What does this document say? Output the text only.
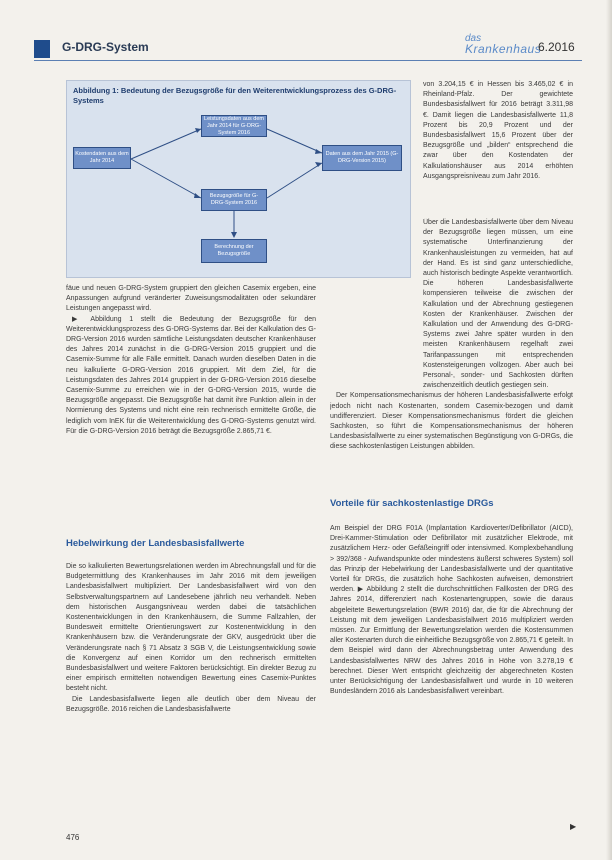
G-DRG-System
das
Krankenhaus
6.2016
Abbildung 1: Bedeutung der Bezugsgröße für den Weiterentwicklungsprozess des G-DRG-Systems
Leistungsdaten aus dem Jahr 2014 für G-DRG-System 2016
Kostendaten aus dem Jahr 2014
Daten aus dem Jahr 2015 (G-DRG-Version 2015)
Bezugsgröße für G-DRG-System 2016
Berechnung der Bezugsgröße

fäue und neuen G-DRG-System gruppiert den gleichen Casemix ergeben, eine Anpassungen aufgrund veränderter Zuweisungsmodalitäten oder sekundärer Leistungen angepasst wird.

▶ Abbildung 1 stellt die Bedeutung der Bezugsgröße für den Weiterentwicklungsprozess des G-DRG-Systems dar. Bei der Kalkulation des G-DRG-Version 2016 wurden sämtliche Leistungsdaten deutscher Krankenhäuser des Jahres 2014 zunächst in die G-DRG-Version 2015 gruppiert und die Casemix-Summe für alle Fälle ermittelt. Danach wurden dieselben Daten in die neu kalkulierte G-DRG-Version 2016 gruppiert. Mit dem Ziel, für die Leistungsdaten des Jahres 2014 gruppiert in der G-DRG-Version 2016 dieselbe Casemix-Summe zu erreichen wie in der G-DRG-Version 2015, wurde die Bezugsgröße angepasst. Die Bezugsgröße hat damit ihre Funktion allein in der Normierung des Systems und nicht eine rein rechnerisch ermittelte Größe, die lediglich vom InEK für die Weiterentwicklung des G-DRG-Systems genutzt wird. Für die G-DRG-Version 2016 beträgt die Bezugsgröße 2.865,71 €.

Hebelwirkung der Landesbasisfallwerte

Die so kalkulierten Bewertungsrelationen werden im Abrechnungsfall und für die Budgetermittlung des Krankenhauses im Jahr 2016 mit dem jeweiligen Landesbasisfallwert multipliziert. Der Landesbasisfallwert wird von den Selbstverwaltungspartnern auf Landesebene jährlich neu verhandelt. Neben dem historischen Ausgangsniveau werden dabei die tatsächlichen Kostenentwicklungen in den Krankenhäusern, die Summe Fallzahlen, der Bundesweit ermittelte Orientierungswert zur Kostenentwicklung in den Krankenhäusern bzw. die Veränderungsrate der GKV, ausgedrückt über die Veränderungsrate nach § 71 Absatz 3 SGB V, die Leistungsentwicklung sowie die Konvergenz auf einen Korridor um den rechnerisch ermittelten Bundesbasisfallwert und weitere Faktoren berücksichtigt. Ein direkter Bezug zu einer empirisch ermittelten notwendigen Bewertung eines Casemix-Punktes besteht nicht.

Die Landesbasisfallwerte liegen alle deutlich über dem Niveau der Bezugsgröße. 2016 reichen die Landesbasisfallwerte

von 3.204,15 € in Hessen bis 3.465,02 € in Rheinland-Pfalz. Der gewichtete Bundesbasisfallwert für 2016 beträgt 3.311,98 €. Damit liegen die Landesbasisfallwerte 11,8 Prozent bis 20,9 Prozent und der Bundesbasisfallwert 15,6 Prozent über der Bezugsgröße und „bilden“ entsprechend die zwar über den Kostendaten der Kalkulationshäuser aus 2014 erhöhten Ausgangspreisniveau zum Jahr 2016.

Über die Landesbasisfallwerte über dem Niveau der Bezugsgröße liegen müssen, um eine systematische Unterfinanzierung der Krankenhausleistungen zu vermeiden, hat auf der Hand. Es ist sind ganz unterschiedliche, auch historisch bedingte Aspekte verantwortlich. Die höheren Landesbasisfallwerte kompensieren teilweise die zwischen der Kalkulation und der Abrechnung gestiegenen Kosten der Krankenhäuser. Zwischen der Kalkulation und der Anwendung des G-DRG-Systems zwei Jahre später wurden in den meisten Krankenhäusern regelhaft zwei Tarifanpassungen mit entsprechenden Kostensteigerungen vollzogen. Aber auch bei Personal-, sonder- und Sachkosten dürften zwischenzeitlich deutlich gestiegen sein.

Der Kompensationsmechanismus der höheren Landesbasisfallwerte erfolgt jedoch nicht nach Kostenarten, sondern Casemix-bezogen und damit undifferenziert. Dieser Kompensationsmechanismus fördert die gleichen Sachkosten, so führt die Kompensationsmechanismus der höheren Landesbasisfallwerte zu einer systematischen Begünstigung von G-DRGs, die diese sachkostenlastigen Leistungen abbilden.

Vorteile für sachkostenlastige DRGs

Am Beispiel der DRG F01A (Implantation Kardioverter/Defibrillator (AICD), Drei-Kammer-Stimulation oder Defibrillator mit zusätzlicher Elektrode, mit zusätzlichem Herz- oder Gefäßeingriff oder intensivmed. Komplexbehandlung > 392/368 - Aufwandspunkte oder mindestens äußerst schweres System) soll das Prinzip der Hebelwirkung der Landesbasisfallwerte und der quantitative Vorteil für DRGs, die zusätzlich hohe Sachkosten aufweisen, demonstriert werden. ▶ Abbildung 2 stellt die durchschnittlichen Fallkosten der DRG des Jahres 2014, differenziert nach Kostenartengruppen, sowie die daraus abgeleitete Bewertungsrelation (BWR 2016) dar, die für die Abrechnung der Leistung mit dem jeweiligen Landesbasisfallwert 2016 multipliziert werden müssen. Zur Ermittlung der Bewertungsrelation werden die Kostensummen aller Kostenarten durch die einheitliche Bezugsgröße von 2.865,71 € geteilt. In dem Beispiel wird dann der Abrechnungsbetrag unter Anwendung des Landesbasisfallwertes NRW des Jahres 2016 in Höhe von 3.278,19 € berechnet. Dieser Wert entspricht gleichzeitig der abgerechneten Kosten unter Berücksichtigung der Landesbasisfallwert und wurde in 10 weiteren Bundesländern 2016 als Landesbasisfallwert vereinbart.

▶
476
